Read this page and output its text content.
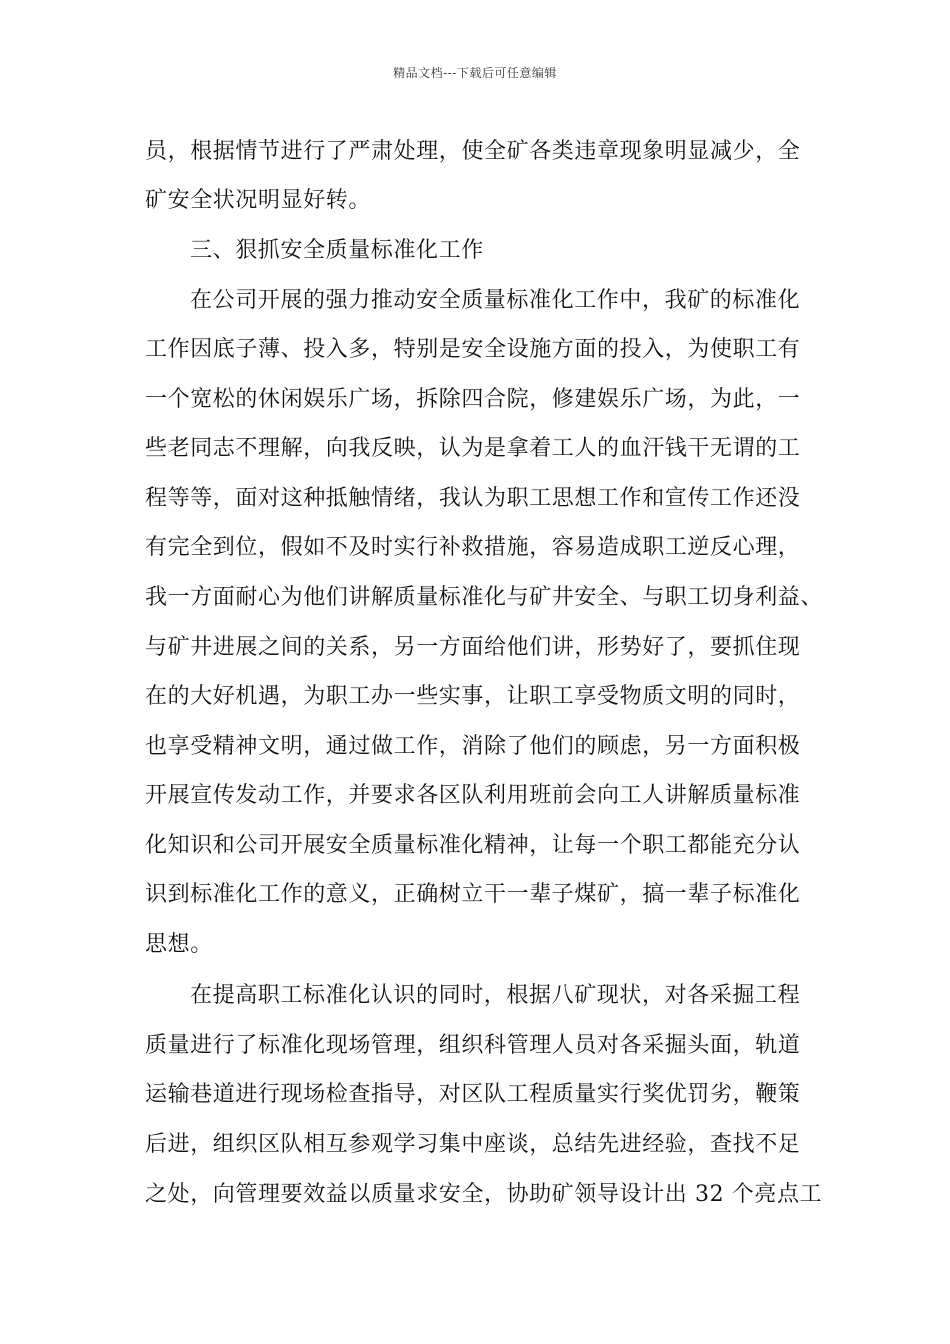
精品文档---下载后可任意编辑
员，根据情节进行了严肃处理，使全矿各类违章现象明显减少，全
矿安全状况明显好转。
三、狠抓安全质量标准化工作
在公司开展的强力推动安全质量标准化工作中，我矿的标准化
工作因底子薄、投入多，特别是安全设施方面的投入，为使职工有
一个宽松的休闲娱乐广场，拆除四合院，修建娱乐广场，为此，一
些老同志不理解，向我反映，认为是拿着工人的血汗钱干无谓的工
程等等，面对这种抵触情绪，我认为职工思想工作和宣传工作还没
有完全到位，假如不及时实行补救措施，容易造成职工逆反心理，
我一方面耐心为他们讲解质量标准化与矿井安全、与职工切身利益、
与矿井进展之间的关系，另一方面给他们讲，形势好了，要抓住现
在的大好机遇，为职工办一些实事，让职工享受物质文明的同时，
也享受精神文明，通过做工作，消除了他们的顾虑，另一方面积极
开展宣传发动工作，并要求各区队利用班前会向工人讲解质量标准
化知识和公司开展安全质量标准化精神，让每一个职工都能充分认
识到标准化工作的意义，正确树立干一辈子煤矿，搞一辈子标准化
思想。
在提高职工标准化认识的同时，根据八矿现状，对各采掘工程
质量进行了标准化现场管理，组织科管理人员对各采掘头面，轨道
运输巷道进行现场检查指导，对区队工程质量实行奖优罚劣，鞭策
后进，组织区队相互参观学习集中座谈，总结先进经验，查找不足
之处，向管理要效益以质量求安全，协助矿领导设计出 32 个亮点工
